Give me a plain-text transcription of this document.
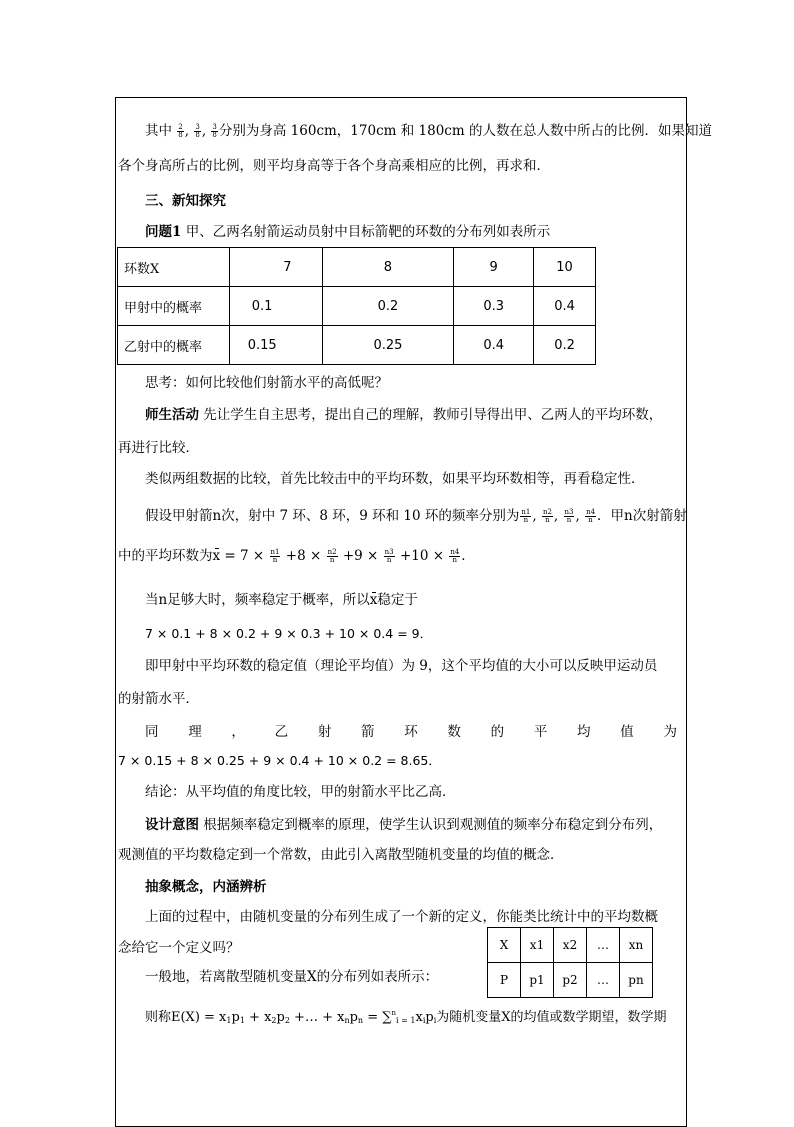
其中 $\frac{2}{8}$ , $\frac{3}{8}$ , $\frac{3}{8}$ 分别为身高 160cm，170cm 和 180cm 的人数在总人数中所占的比例．如果知道
各个身高所占的比例，则平均身高等于各个身高乘相应的比例，再求和．
三、新知探究
问题1 甲、乙两名射箭运动员射中目标箭靶的环数的分布列如表所示
环数X	7	8	9	10
甲射中的概率	0.1	0.2	0.3	0.4
乙射中的概率	0.15	0.25	0.4	0.2
思考：如何比较他们射箭水平的高低呢？
师生活动 先让学生自主思考，提出自己的理解，教师引导得出甲、乙两人的平均环数，
再进行比较．
类似两组数据的比较，首先比较击中的平均环数，如果平均环数相等，再看稳定性．
假设甲射箭n次，射中 7 环、8 环，9 环和 10 环的频率分别为 $\frac{n1}{n}$ , $\frac{n2}{n}$ , $\frac{n3}{n}$ , $\frac{n4}{n}$ ．甲n次射箭射
中的平均环数为$x = 7 \times \frac{n1}{n} +8 \times \frac{n2}{n} +9 \times \frac{n3}{n} +10 \times \frac{n4}{n}$ ．
当n足够大时，频率稳定于概率，所以x稳定于
7 × 0.1 + 8 × 0.2 + 9 × 0.3 + 10 × 0.4 = 9．
即甲射中平均环数的稳定值（理论平均值）为 9，这个平均值的大小可以反映甲运动员
的射箭水平．
同 理 ， 乙 射 箭 环 数 的 平 均 值 为
7 × 0.15 + 8 × 0.25 + 9 × 0.4 + 10 × 0.2 = 8.65．
结论：从平均值的角度比较，甲的射箭水平比乙高．
设计意图 根据频率稳定到概率的原理，使学生认识到观测值的频率分布稳定到分布列，
观测值的平均数稳定到一个常数，由此引入离散型随机变量的均值的概念．
抽象概念，内涵辨析
上面的过程中，由随机变量的分布列生成了一个新的定义，你能类比统计中的平均数概
念给它一个定义吗？
一般地，若离散型随机变量X的分布列如表所示：
X	x1	x2	…	xn
P	p1	p2	…	pn
则称$E(X) = x_1p_1 + x_2p_2$ +… + $x_np_n = \sum^n_{i = 1}x_ip_i$为随机变量X的均值或数学期望，数学期
